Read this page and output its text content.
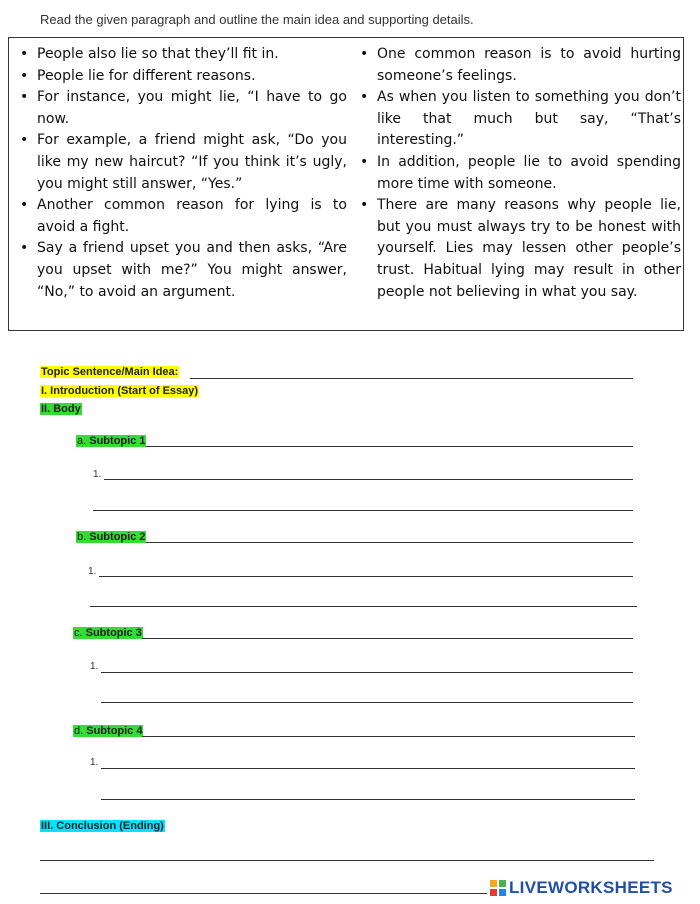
Read the given paragraph and outline the main idea and supporting details.
• People also lie so that they’ll fit in.
• People lie for different reasons.
• For instance, you might lie, “I have to go now.
• For example, a friend might ask, “Do you like my new haircut? “If you think it’s ugly, you might still answer, “Yes.”
• Another common reason for lying is to avoid a fight.
• Say a friend upset you and then asks, “Are you upset with me?” You might answer, “No,” to avoid an argument.
• One common reason is to avoid hurting someone’s feelings.
• As when you listen to something you don’t like that much but say, “That’s interesting.”
• In addition, people lie to avoid spending more time with someone.
• There are many reasons why people lie, but you must always try to be honest with yourself. Lies may lessen other people’s trust. Habitual lying may result in other people not believing in what you say.
Topic Sentence/Main Idea:
I. Introduction (Start of Essay)
II. Body
a. Subtopic 1
1.
b. Subtopic 2
1.
c. Subtopic 3
1.
d. Subtopic 4
1.
III. Conclusion (Ending)
LIVEWORKSHEETS
